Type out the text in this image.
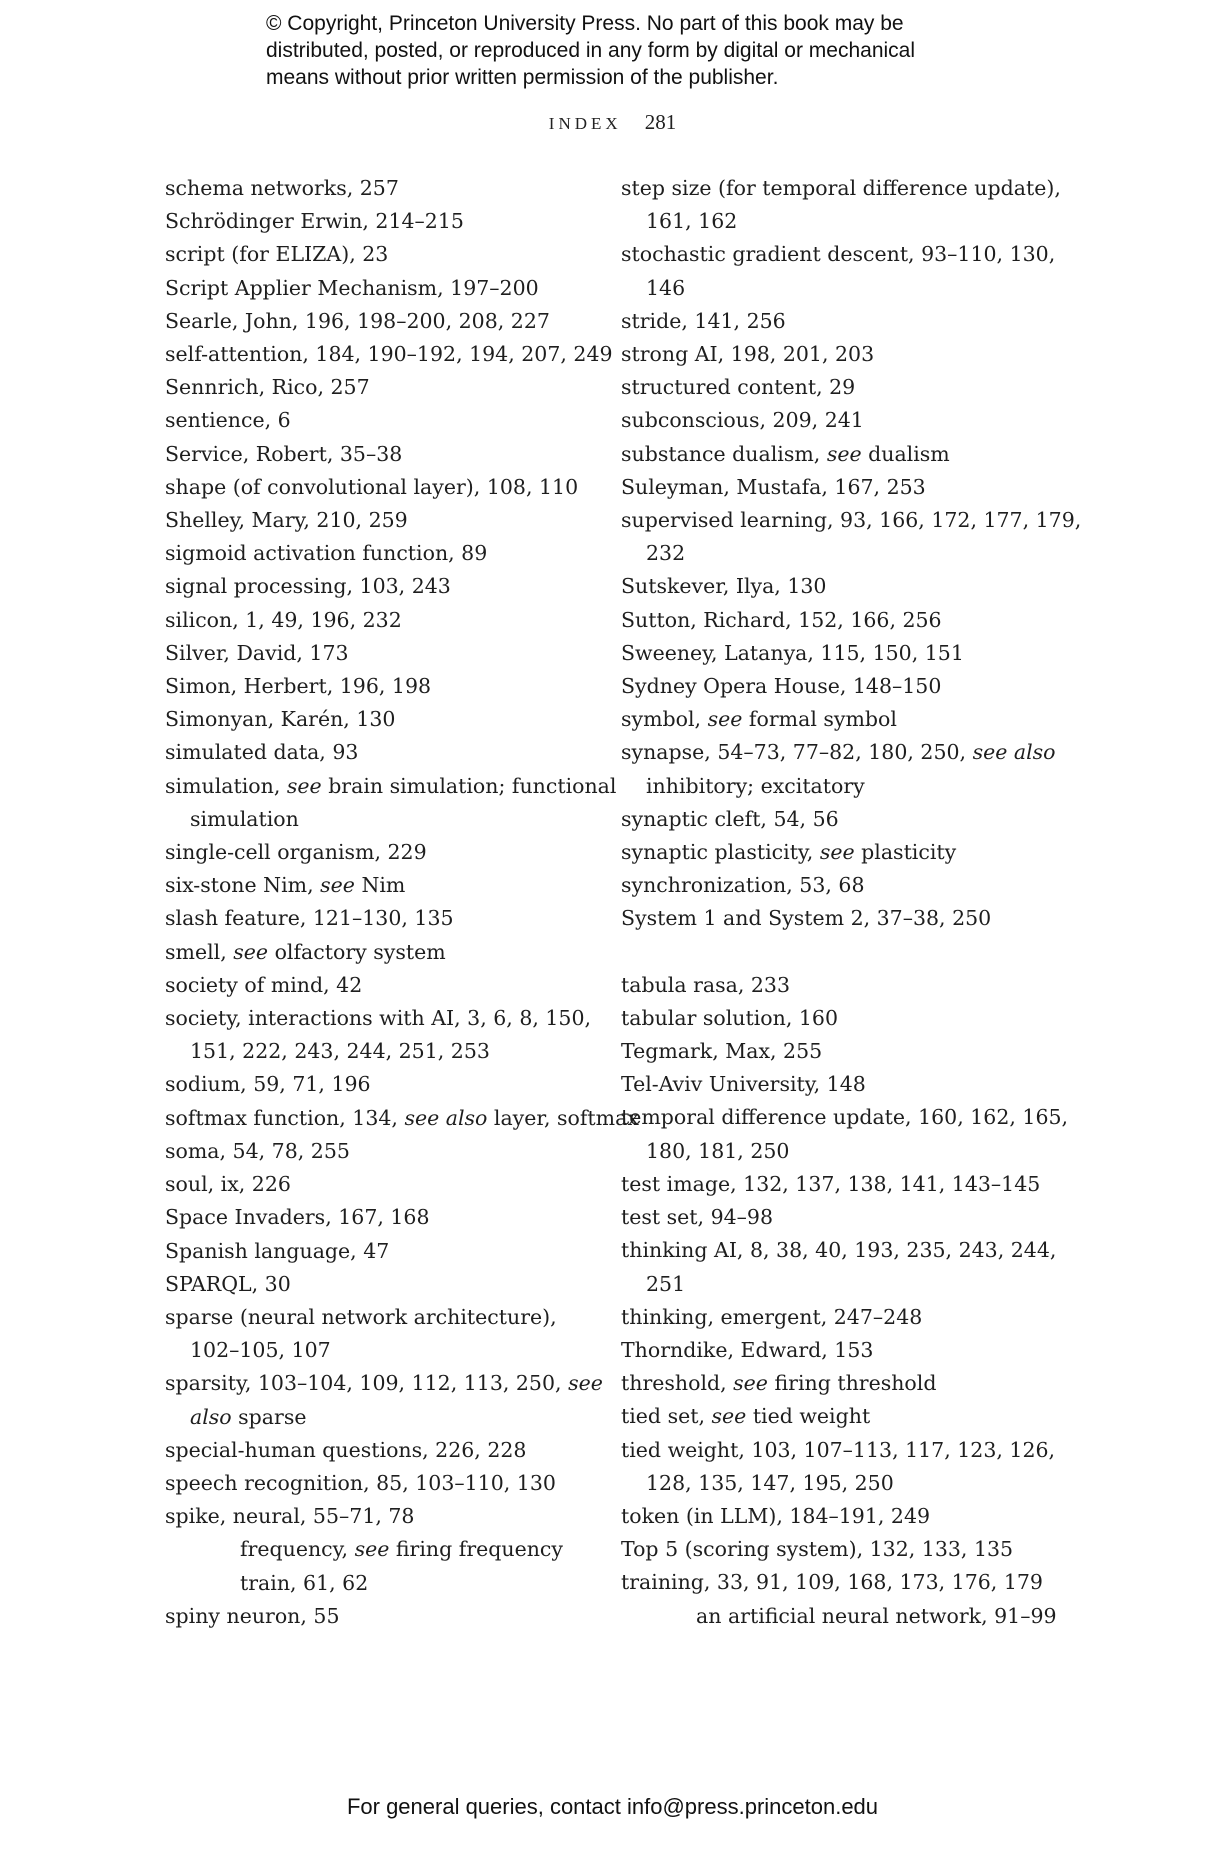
© Copyright, Princeton University Press. No part of this book may be
distributed, posted, or reproduced in any form by digital or mechanical
means without prior written permission of the publisher.
INDEX 281
schema networks, 257
Schrödinger Erwin, 214–215
script (for ELIZA), 23
Script Applier Mechanism, 197–200
Searle, John, 196, 198–200, 208, 227
self-attention, 184, 190–192, 194, 207, 249
Sennrich, Rico, 257
sentience, 6
Service, Robert, 35–38
shape (of convolutional layer), 108, 110
Shelley, Mary, 210, 259
sigmoid activation function, 89
signal processing, 103, 243
silicon, 1, 49, 196, 232
Silver, David, 173
Simon, Herbert, 196, 198
Simonyan, Karén, 130
simulated data, 93
simulation, see brain simulation; functional
simulation
single-cell organism, 229
six-stone Nim, see Nim
slash feature, 121–130, 135
smell, see olfactory system
society of mind, 42
society, interactions with AI, 3, 6, 8, 150,
151, 222, 243, 244, 251, 253
sodium, 59, 71, 196
softmax function, 134, see also layer, softmax
soma, 54, 78, 255
soul, ix, 226
Space Invaders, 167, 168
Spanish language, 47
SPARQL, 30
sparse (neural network architecture),
102–105, 107
sparsity, 103–104, 109, 112, 113, 250, see
also sparse
special-human questions, 226, 228
speech recognition, 85, 103–110, 130
spike, neural, 55–71, 78
frequency, see firing frequency
train, 61, 62
spiny neuron, 55
step size (for temporal difference update),
161, 162
stochastic gradient descent, 93–110, 130,
146
stride, 141, 256
strong AI, 198, 201, 203
structured content, 29
subconscious, 209, 241
substance dualism, see dualism
Suleyman, Mustafa, 167, 253
supervised learning, 93, 166, 172, 177, 179,
232
Sutskever, Ilya, 130
Sutton, Richard, 152, 166, 256
Sweeney, Latanya, 115, 150, 151
Sydney Opera House, 148–150
symbol, see formal symbol
synapse, 54–73, 77–82, 180, 250, see also
inhibitory; excitatory
synaptic cleft, 54, 56
synaptic plasticity, see plasticity
synchronization, 53, 68
System 1 and System 2, 37–38, 250
tabula rasa, 233
tabular solution, 160
Tegmark, Max, 255
Tel-Aviv University, 148
temporal difference update, 160, 162, 165,
180, 181, 250
test image, 132, 137, 138, 141, 143–145
test set, 94–98
thinking AI, 8, 38, 40, 193, 235, 243, 244,
251
thinking, emergent, 247–248
Thorndike, Edward, 153
threshold, see firing threshold
tied set, see tied weight
tied weight, 103, 107–113, 117, 123, 126,
128, 135, 147, 195, 250
token (in LLM), 184–191, 249
Top 5 (scoring system), 132, 133, 135
training, 33, 91, 109, 168, 173, 176, 179
an artificial neural network, 91–99
For general queries, contact info@press.princeton.edu
